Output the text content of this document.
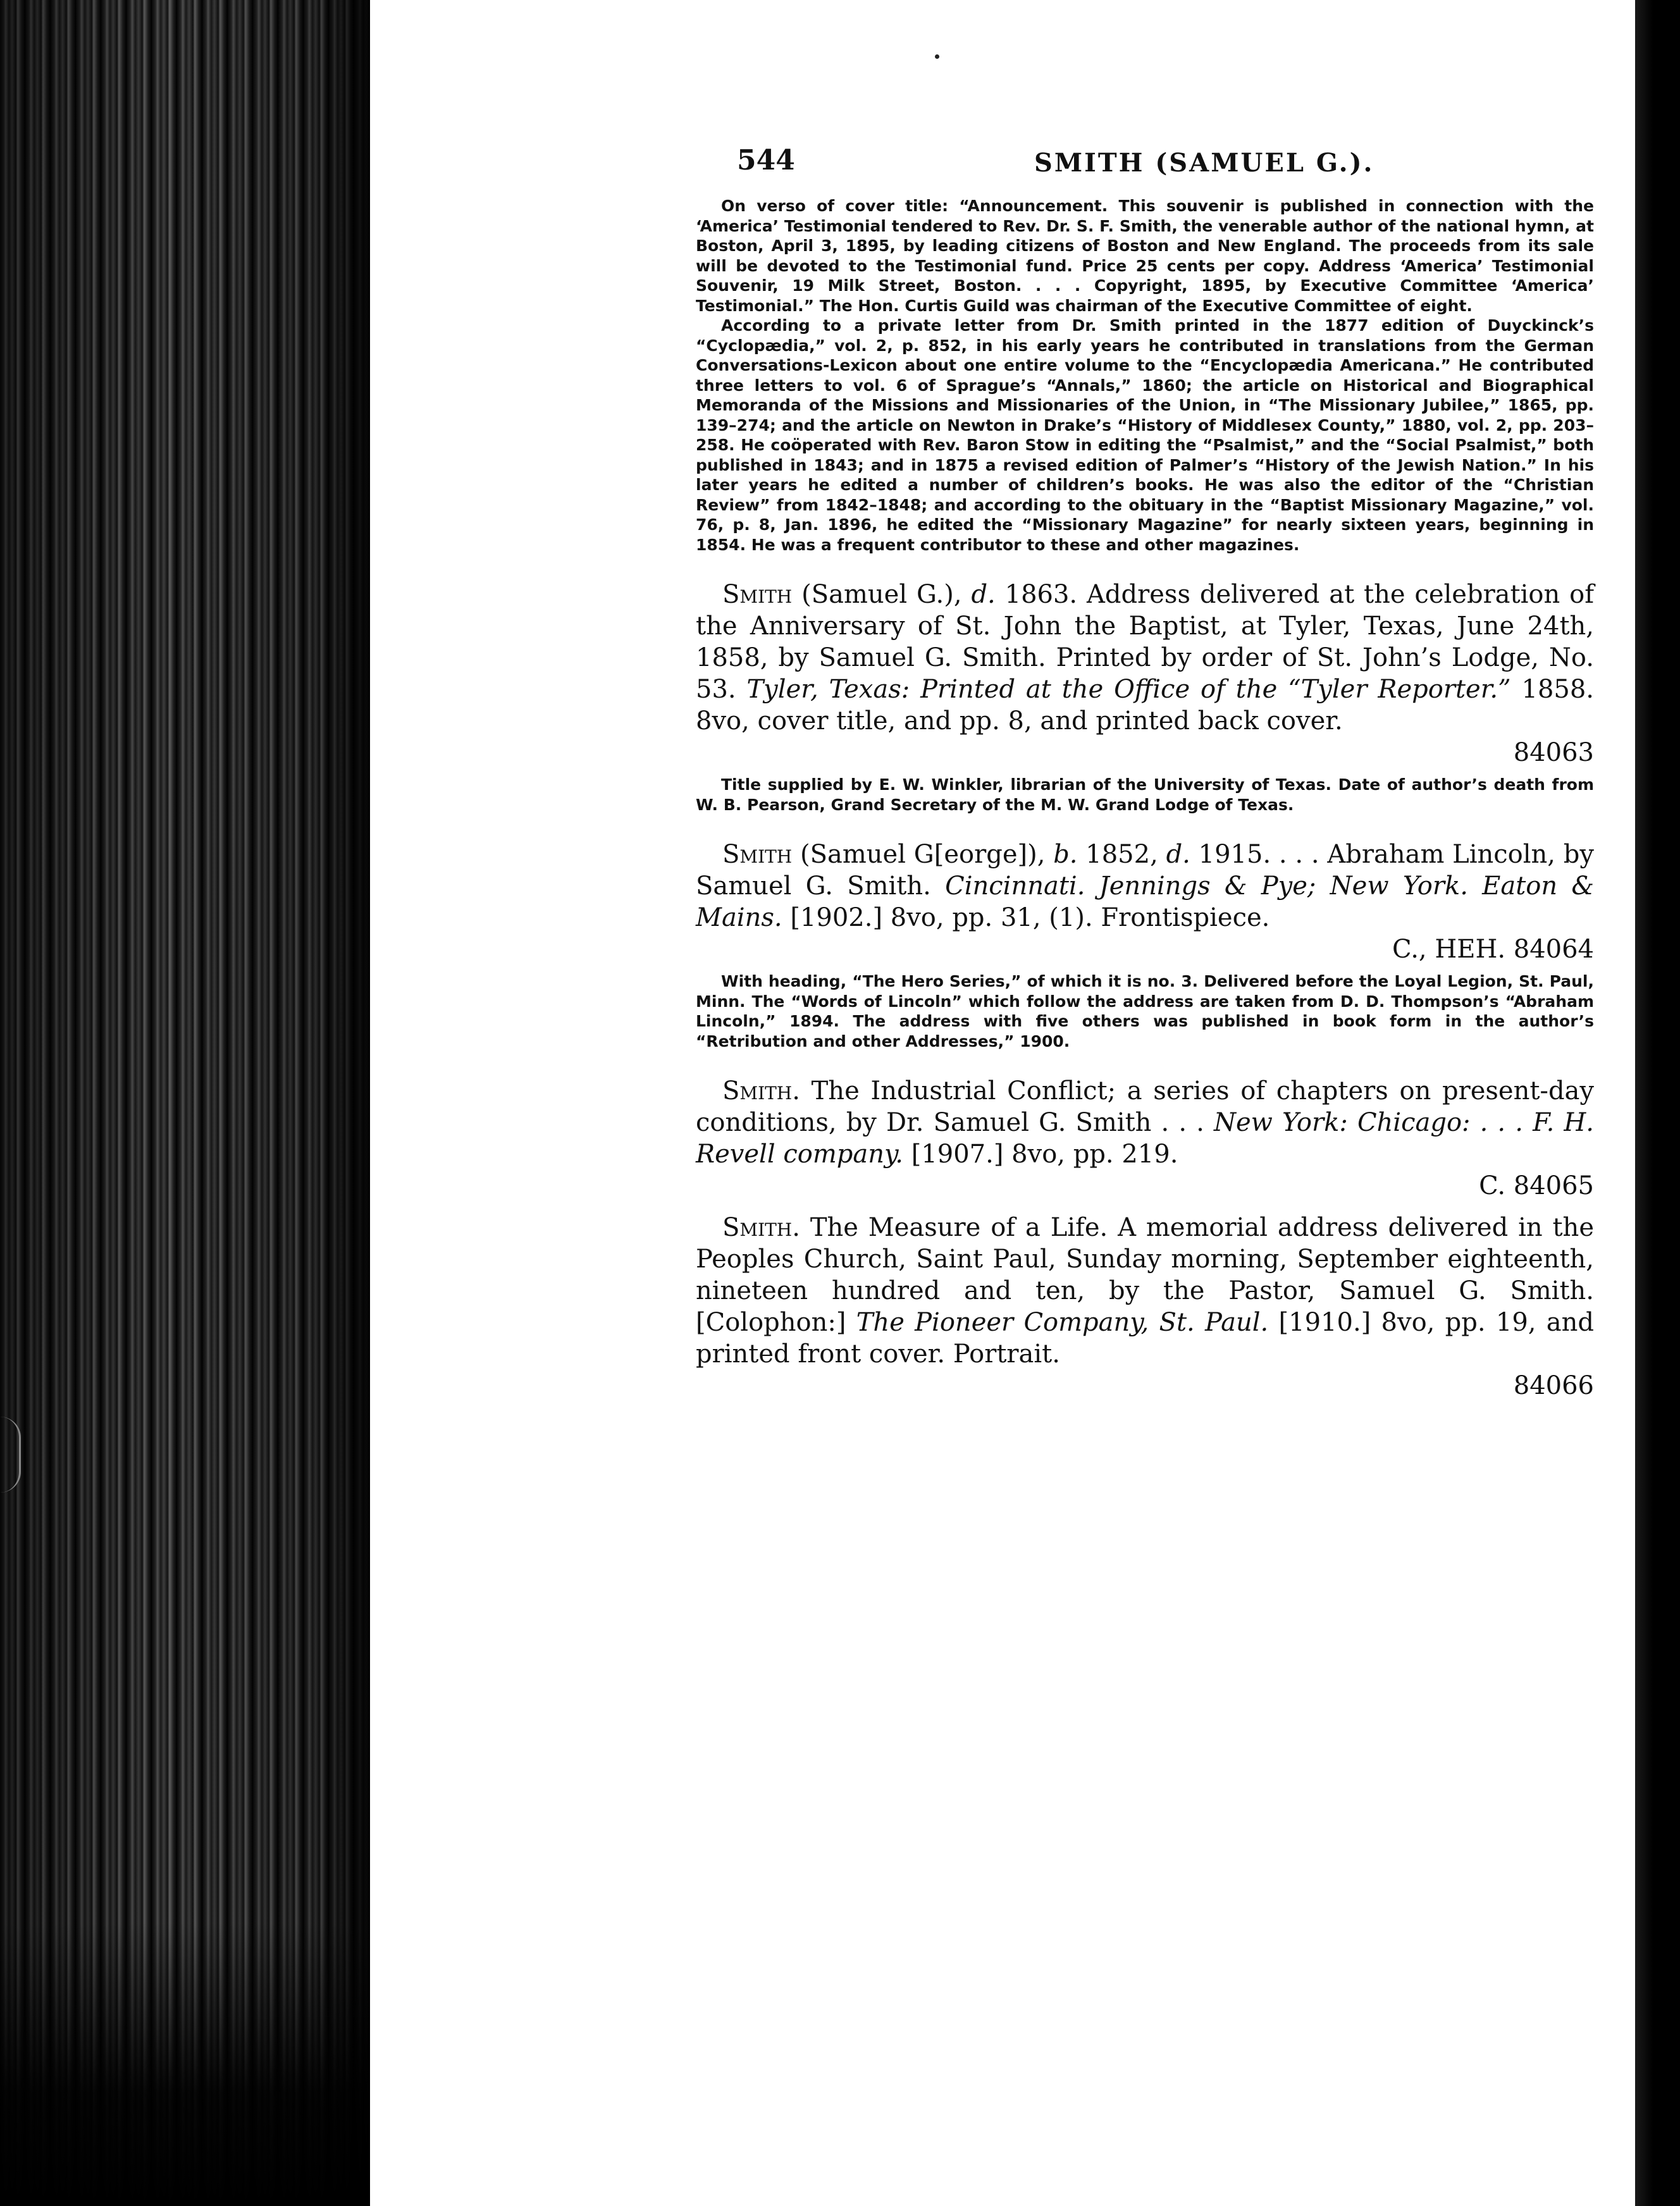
544	SMITH (SAMUEL G.).

On verso of cover title: “Announcement. This souvenir is published in connection with the ‘America’ Testimonial tendered to Rev. Dr. S. F. Smith, the venerable author of the national hymn, at Boston, April 3, 1895, by leading citizens of Boston and New England. The proceeds from its sale will be devoted to the Testimonial fund. Price 25 cents per copy. Address ‘America’ Testimonial Souvenir, 19 Milk Street, Boston. . . . Copyright, 1895, by Executive Committee ‘America’ Testimonial.” The Hon. Curtis Guild was chairman of the Executive Committee of eight.

According to a private letter from Dr. Smith printed in the 1877 edition of Duyckinck’s “Cyclopædia,” vol. 2, p. 852, in his early years he contributed in translations from the German Conversations-Lexicon about one entire volume to the “Encyclopædia Americana.” He contributed three letters to vol. 6 of Sprague’s “Annals,” 1860; the article on Historical and Biographical Memoranda of the Missions and Missionaries of the Union, in “The Missionary Jubilee,” 1865, pp. 139–274; and the article on Newton in Drake’s “History of Middlesex County,” 1880, vol. 2, pp. 203–258. He coöperated with Rev. Baron Stow in editing the “Psalmist,” and the “Social Psalmist,” both published in 1843; and in 1875 a revised edition of Palmer’s “History of the Jewish Nation.” In his later years he edited a number of children’s books. He was also the editor of the “Christian Review” from 1842–1848; and according to the obituary in the “Baptist Missionary Magazine,” vol. 76, p. 8, Jan. 1896, he edited the “Missionary Magazine” for nearly sixteen years, beginning in 1854. He was a frequent contributor to these and other magazines.

Smith (Samuel G.), d. 1863. Address delivered at the celebration of the Anniversary of St. John the Baptist, at Tyler, Texas, June 24th, 1858, by Samuel G. Smith. Printed by order of St. John’s Lodge, No. 53. Tyler, Texas: Printed at the Office of the “Tyler Reporter.” 1858. 8vo, cover title, and pp. 8, and printed back cover.
84063

Title supplied by E. W. Winkler, librarian of the University of Texas. Date of author’s death from W. B. Pearson, Grand Secretary of the M. W. Grand Lodge of Texas.

Smith (Samuel G[eorge]), b. 1852, d. 1915. . . . Abraham Lincoln, by Samuel G. Smith. Cincinnati. Jennings & Pye; New York. Eaton & Mains. [1902.] 8vo, pp. 31, (1). Frontispiece.
C., HEH. 84064

With heading, “The Hero Series,” of which it is no. 3. Delivered before the Loyal Legion, St. Paul, Minn. The “Words of Lincoln” which follow the address are taken from D. D. Thompson’s “Abraham Lincoln,” 1894. The address with five others was published in book form in the author’s “Retribution and other Addresses,” 1900.

Smith. The Industrial Conflict; a series of chapters on present-day conditions, by Dr. Samuel G. Smith . . . New York: Chicago: . . . F. H. Revell company. [1907.] 8vo, pp. 219.
C. 84065

Smith. The Measure of a Life. A memorial address delivered in the Peoples Church, Saint Paul, Sunday morning, September eighteenth, nineteen hundred and ten, by the Pastor, Samuel G. Smith. [Colophon:] The Pioneer Company, St. Paul. [1910.] 8vo, pp. 19, and printed front cover. Portrait.
84066
